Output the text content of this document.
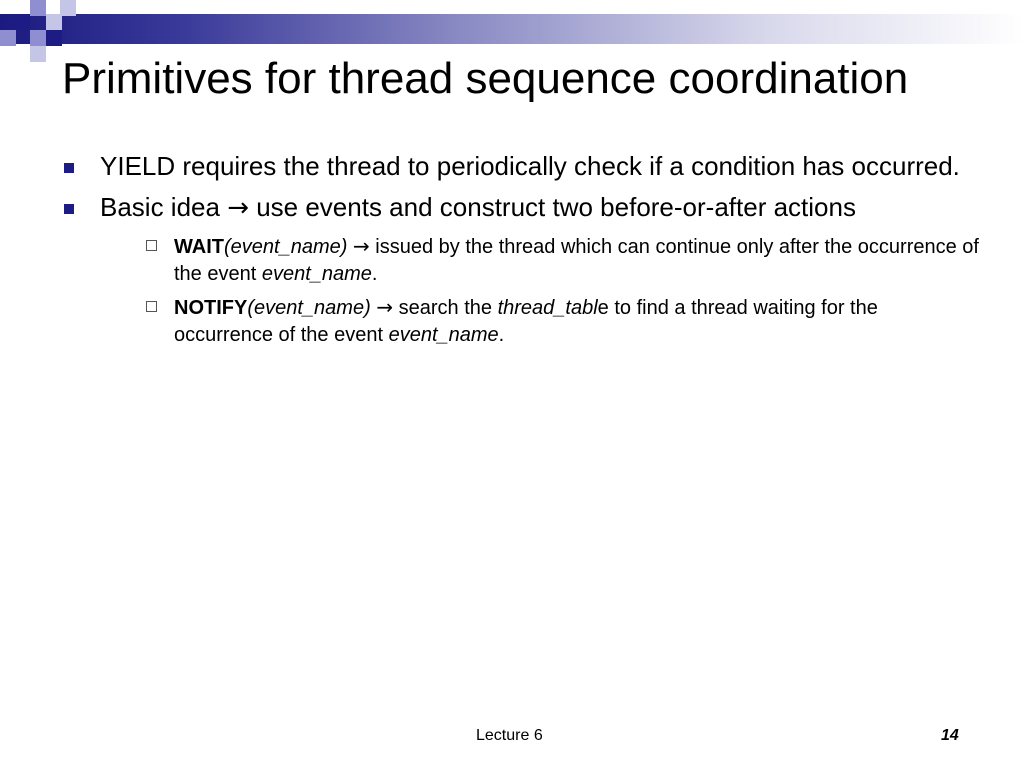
Primitives for thread sequence coordination
YIELD requires the thread to periodically check if a condition has occurred.
Basic idea → use events and construct two before-or-after actions
WAIT(event_name) → issued by the thread which can continue only after the occurrence of the event event_name.
NOTIFY(event_name) → search the thread_table to find a thread waiting for the occurrence of the event event_name.
Lecture 6	14
